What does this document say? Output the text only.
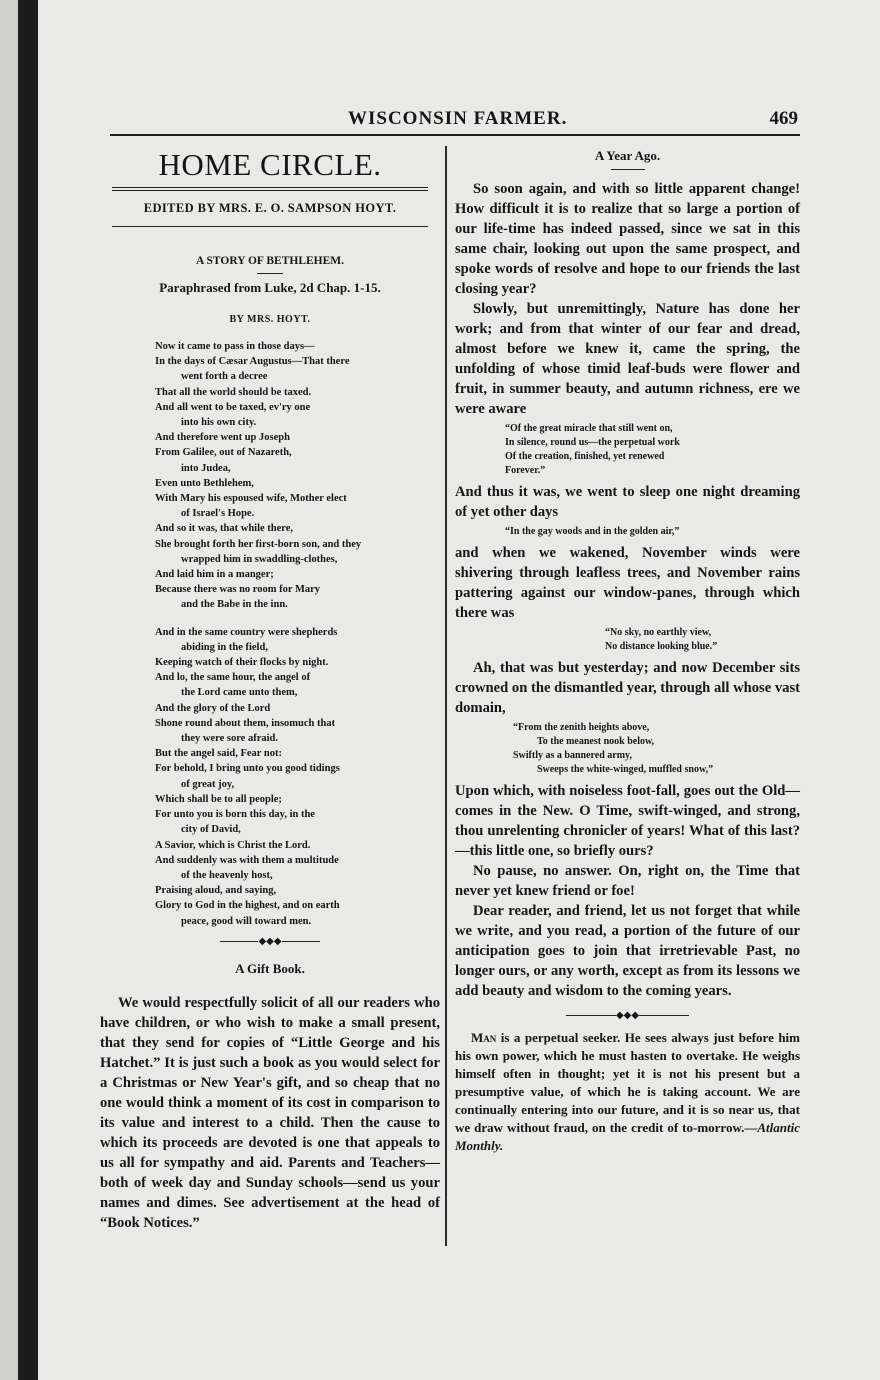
WISCONSIN FARMER.	469
HOME CIRCLE.
EDITED BY MRS. E. O. SAMPSON HOYT.
A STORY OF BETHLEHEM.
Paraphrased from Luke, 2d Chap. 1-15.
BY MRS. HOYT.
Now it came to pass in those days—
In the days of Cæsar Augustus—That there
went forth a decree
That all the world should be taxed.
And all went to be taxed, ev'ry one
into his own city.
And therefore went up Joseph
From Galilee, out of Nazareth,
into Judea,
Even unto Bethlehem,
With Mary his espoused wife, Mother elect
of Israel's Hope.
And so it was, that while there,
She brought forth her first-born son, and they
wrapped him in swaddling-clothes,
And laid him in a manger;
Because there was no room for Mary
and the Babe in the inn.
And in the same country were shepherds
abiding in the field,
Keeping watch of their flocks by night.
And lo, the same hour, the angel of
the Lord came unto them,
And the glory of the Lord
Shone round about them, insomuch that
they were sore afraid.
But the angel said, Fear not:
For behold, I bring unto you good tidings
of great joy,
Which shall be to all people;
For unto you is born this day, in the
city of David,
A Savior, which is Christ the Lord.
And suddenly was with them a multitude
of the heavenly host,
Praising aloud, and saying,
Glory to God in the highest, and on earth
peace, good will toward men.
◆◆◆
A Gift Book.

We would respectfully solicit of all our readers who have children, or who wish to make a small present, that they send for copies of “Little George and his Hatchet.” It is just such a book as you would select for a Christmas or New Year's gift, and so cheap that no one would think a moment of its cost in comparison to its value and interest to a child. Then the cause to which its proceeds are devoted is one that appeals to us all for sympathy and aid. Parents and Teachers—both of week day and Sunday schools—send us your names and dimes. See advertisement at the head of “Book Notices.”

A Year Ago.

So soon again, and with so little apparent change! How difficult it is to realize that so large a portion of our life-time has indeed passed, since we sat in this same chair, looking out upon the same prospect, and spoke words of resolve and hope to our friends the last closing year?

Slowly, but unremittingly, Nature has done her work; and from that winter of our fear and dread, almost before we knew it, came the spring, the unfolding of whose timid leaf-buds were flower and fruit, in summer beauty, and autumn richness, ere we were aware

“Of the great miracle that still went on,
In silence, round us—the perpetual work
Of the creation, finished, yet renewed
Forever.”

And thus it was, we went to sleep one night dreaming of yet other days

“In the gay woods and in the golden air,”

and when we wakened, November winds were shivering through leafless trees, and November rains pattering against our window-panes, through which there was

“No sky, no earthly view,
No distance looking blue.”

Ah, that was but yesterday; and now December sits crowned on the dismantled year, through all whose vast domain,

“From the zenith heights above,
To the meanest nook below,
Swiftly as a bannered army,
Sweeps the white-winged, muffled snow,”

Upon which, with noiseless foot-fall, goes out the Old—comes in the New. O Time, swift-winged, and strong, thou unrelenting chronicler of years! What of this last?—this little one, so briefly ours?

No pause, no answer. On, right on, the Time that never yet knew friend or foe!

Dear reader, and friend, let us not forget that while we write, and you read, a portion of the future of our anticipation goes to join that irretrievable Past, no longer ours, or any worth, except as from its lessons we add beauty and wisdom to the coming years.

◆◆◆

Man is a perpetual seeker. He sees always just before him his own power, which he must hasten to overtake. He weighs himself often in thought; yet it is not his present but a presumptive value, of which he is taking account. We are continually entering into our future, and it is so near us, that we draw without fraud, on the credit of to-morrow.—Atlantic Monthly.
